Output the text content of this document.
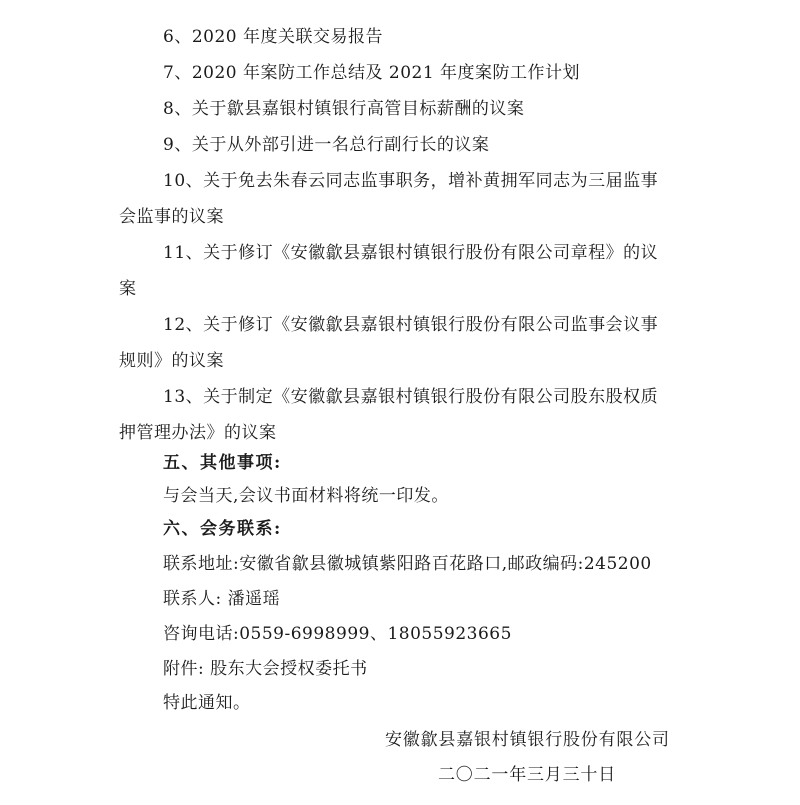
6、2020 年度关联交易报告
7、2020 年案防工作总结及 2021 年度案防工作计划
8、关于歙县嘉银村镇银行高管目标薪酬的议案
9、关于从外部引进一名总行副行长的议案
10、关于免去朱春云同志监事职务，增补黄拥军同志为三届监事
会监事的议案
11、关于修订《安徽歙县嘉银村镇银行股份有限公司章程》的议
案
12、关于修订《安徽歙县嘉银村镇银行股份有限公司监事会议事
规则》的议案
13、关于制定《安徽歙县嘉银村镇银行股份有限公司股东股权质
押管理办法》的议案
五、其他事项:
与会当天,会议书面材料将统一印发。
六、会务联系:
联系地址:安徽省歙县徽城镇紫阳路百花路口,邮政编码:245200
联系人: 潘遥瑶
咨询电话:0559-6998999、18055923665
附件: 股东大会授权委托书
特此通知。
安徽歙县嘉银村镇银行股份有限公司
二〇二一年三月三十日
